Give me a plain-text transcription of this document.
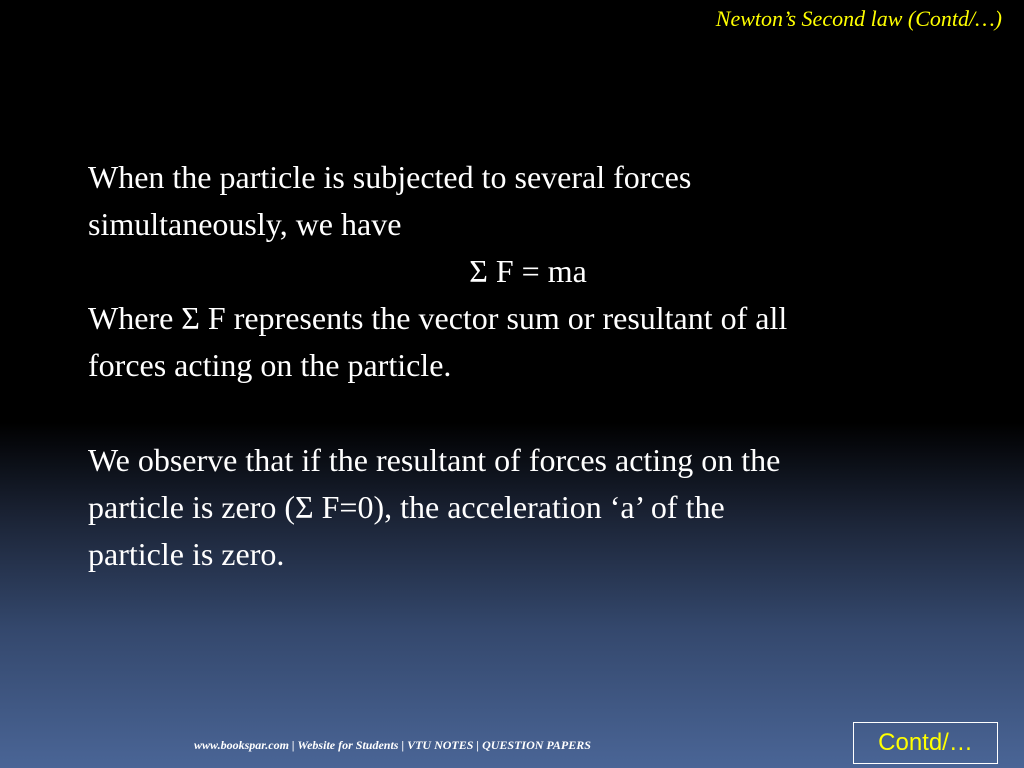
Newton’s Second law (Contd/…)

When the particle is subjected to several forces

simultaneously, we have

Σ F = ma

Where Σ F represents the vector sum or resultant of all

forces acting on the particle.

We observe that if the resultant of forces acting on the

particle is zero (Σ F=0), the acceleration ‘a’ of the

particle is zero.

www.bookspar.com | Website for Students | VTU NOTES | QUESTION PAPERS	Contd/…
